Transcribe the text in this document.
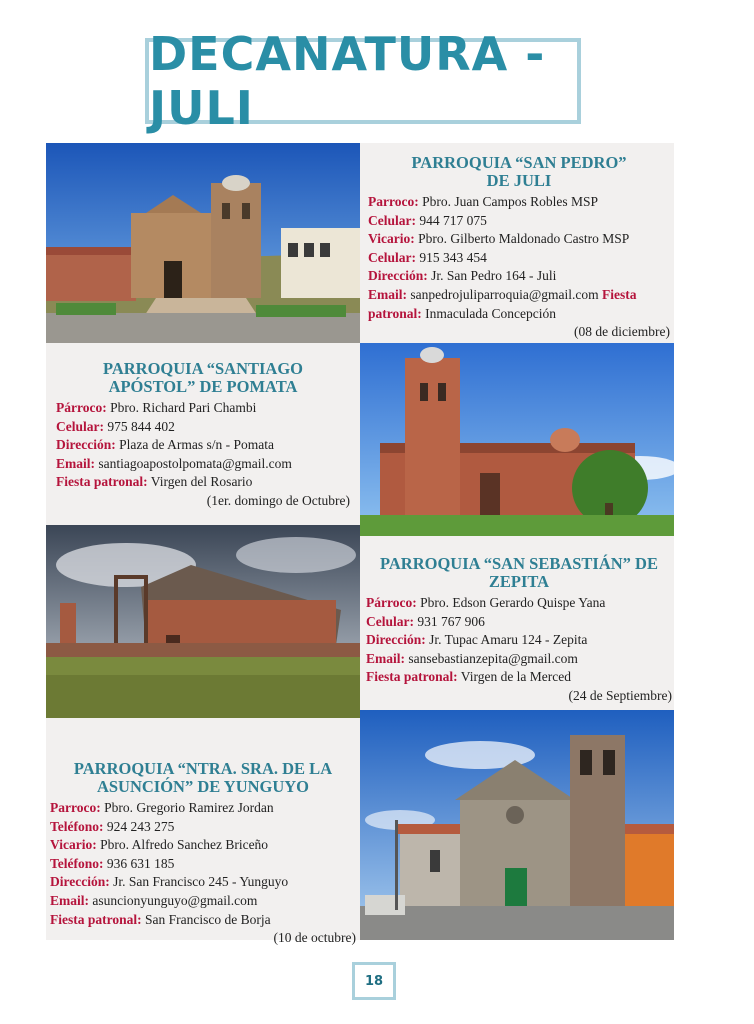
DECANATURA - JULI
PARROQUIA “SAN PEDRO”
DE JULI
Parroco: Pbro. Juan Campos Robles MSP
Celular: 944 717 075
Vicario: Pbro. Gilberto Maldonado Castro MSP
Celular: 915 343 454
Dirección: Jr. San Pedro 164 - Juli
Email: sanpedrojuliparroquia@gmail.com Fiesta
patronal: Inmaculada Concepción
(08 de diciembre)
PARROQUIA “SANTIAGO
APÓSTOL” DE POMATA
Párroco: Pbro. Richard Pari Chambi
Celular: 975 844 402
Dirección: Plaza de Armas s/n - Pomata
Email: santiagoapostolpomata@gmail.com
Fiesta patronal: Virgen del Rosario
(1er. domingo de Octubre)
PARROQUIA “SAN SEBASTIÁN” DE
ZEPITA
Párroco: Pbro. Edson Gerardo Quispe Yana
Celular: 931 767 906
Dirección: Jr. Tupac Amaru 124 - Zepita
Email: sansebastianzepita@gmail.com
Fiesta patronal: Virgen de la Merced
(24 de Septiembre)
PARROQUIA “NTRA. SRA. DE LA
ASUNCIÓN” DE YUNGUYO
Parroco: Pbro. Gregorio Ramirez Jordan
Teléfono: 924 243 275
Vicario: Pbro. Alfredo Sanchez Briceño
Teléfono: 936 631 185
Dirección: Jr. San Francisco 245 - Yunguyo
Email: asuncionyunguyo@gmail.com
Fiesta patronal: San Francisco de Borja
(10 de octubre)
18
